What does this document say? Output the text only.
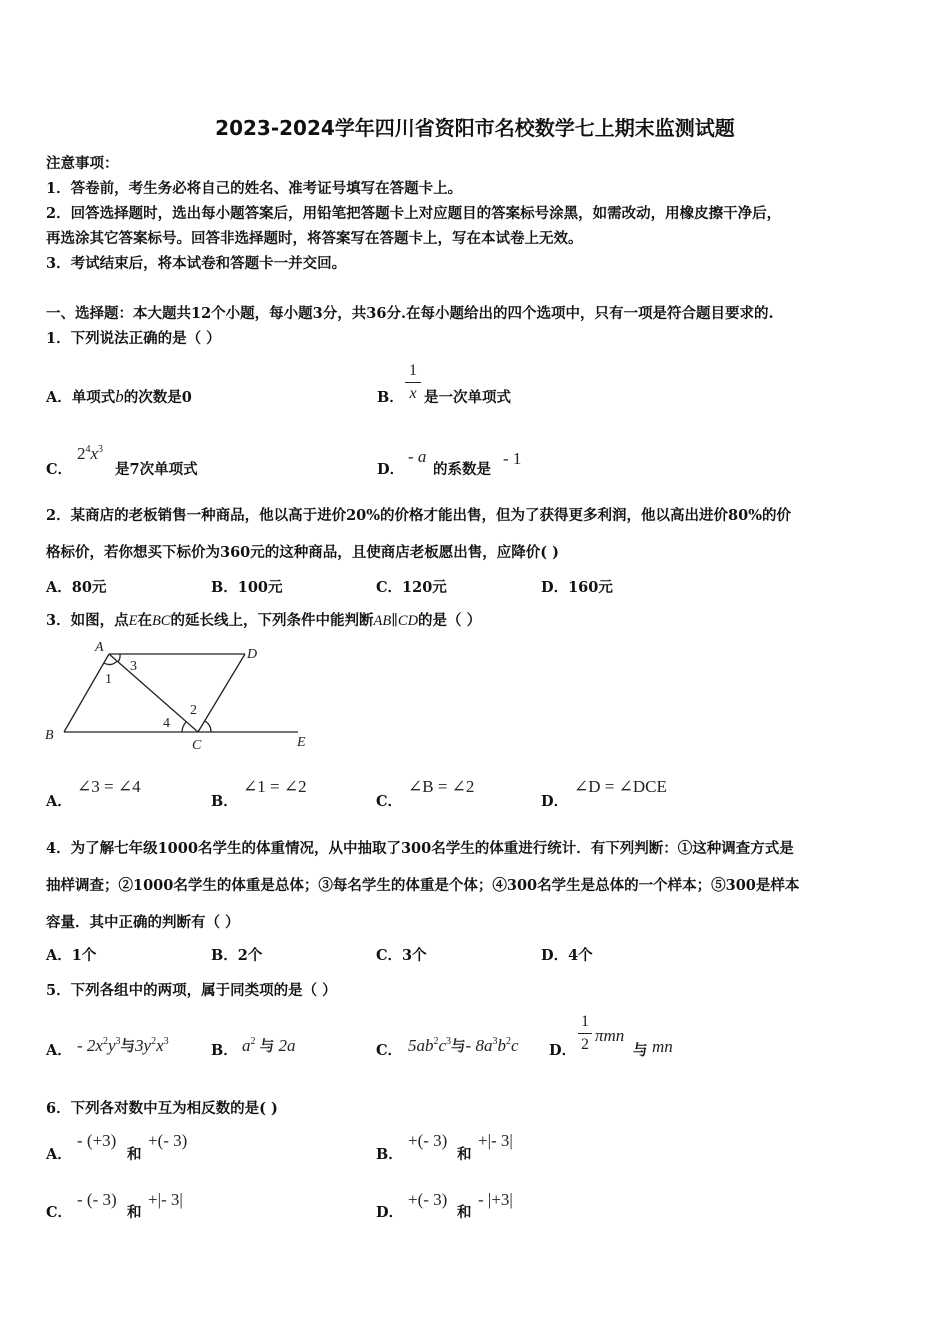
2023-2024学年四川省资阳市名校数学七上期末监测试题
注意事项：
1．答卷前，考生务必将自己的姓名、准考证号填写在答题卡上。
2．回答选择题时，选出每小题答案后，用铅笔把答题卡上对应题目的答案标号涂黑，如需改动，用橡皮擦干净后，
再选涂其它答案标号。回答非选择题时，将答案写在答题卡上，写在本试卷上无效。
3．考试结束后，将本试卷和答题卡一并交回。
一、选择题：本大题共12个小题，每小题3分，共36分.在每小题给出的四个选项中，只有一项是符合题目要求的.
1．下列说法正确的是（ ）
A．单项式b的次数是0	B．
1
x 是一次单项式
C．
$2^4x^3$
是7次单项式	D．
- a
的系数是
- 1
2．某商店的老板销售一种商品，他以高于进价20%的价格才能出售，但为了获得更多利润，他以高出进价80%的价
格标价，若你想买下标价为360元的这种商品，且使商店老板愿出售，应降价( )
A．80元	B．100元	C．120元	D．160元
3．如图，点E在BC的延长线上，下列条件中能判断AB∥CD的是（ ）
A	D
B
C	E
1
3
4
2
A．
∠3 = ∠4
B．
∠1 = ∠2
C．
∠B = ∠2
D．
∠D = ∠DCE
4．为了解七年级1000名学生的体重情况，从中抽取了300名学生的体重进行统计．有下列判断：①这种调查方式是
抽样调查；②1000名学生的体重是总体；③每名学生的体重是个体；④300名学生是总体的一个样本；⑤300是样本
容量．其中正确的判断有（ ）
A．1个	B．2个	C．3个	D．4个
5．下列各组中的两项，属于同类项的是（ ）
A． - $2x^2y^3$与$3y^2x^3$
B． $a^2$ 与 2a	C． $5ab^2c^3$与- $8a^3b^2c$ D．
1
2 πmn
与 mn
6．下列各对数中互为相反数的是( )
A．
- (+3)
和
+(- 3)
B．
+(- 3)
和
+|- 3|
C．
- (- 3)
和
+|- 3|
D．
+(- 3)
和
- |+3|
